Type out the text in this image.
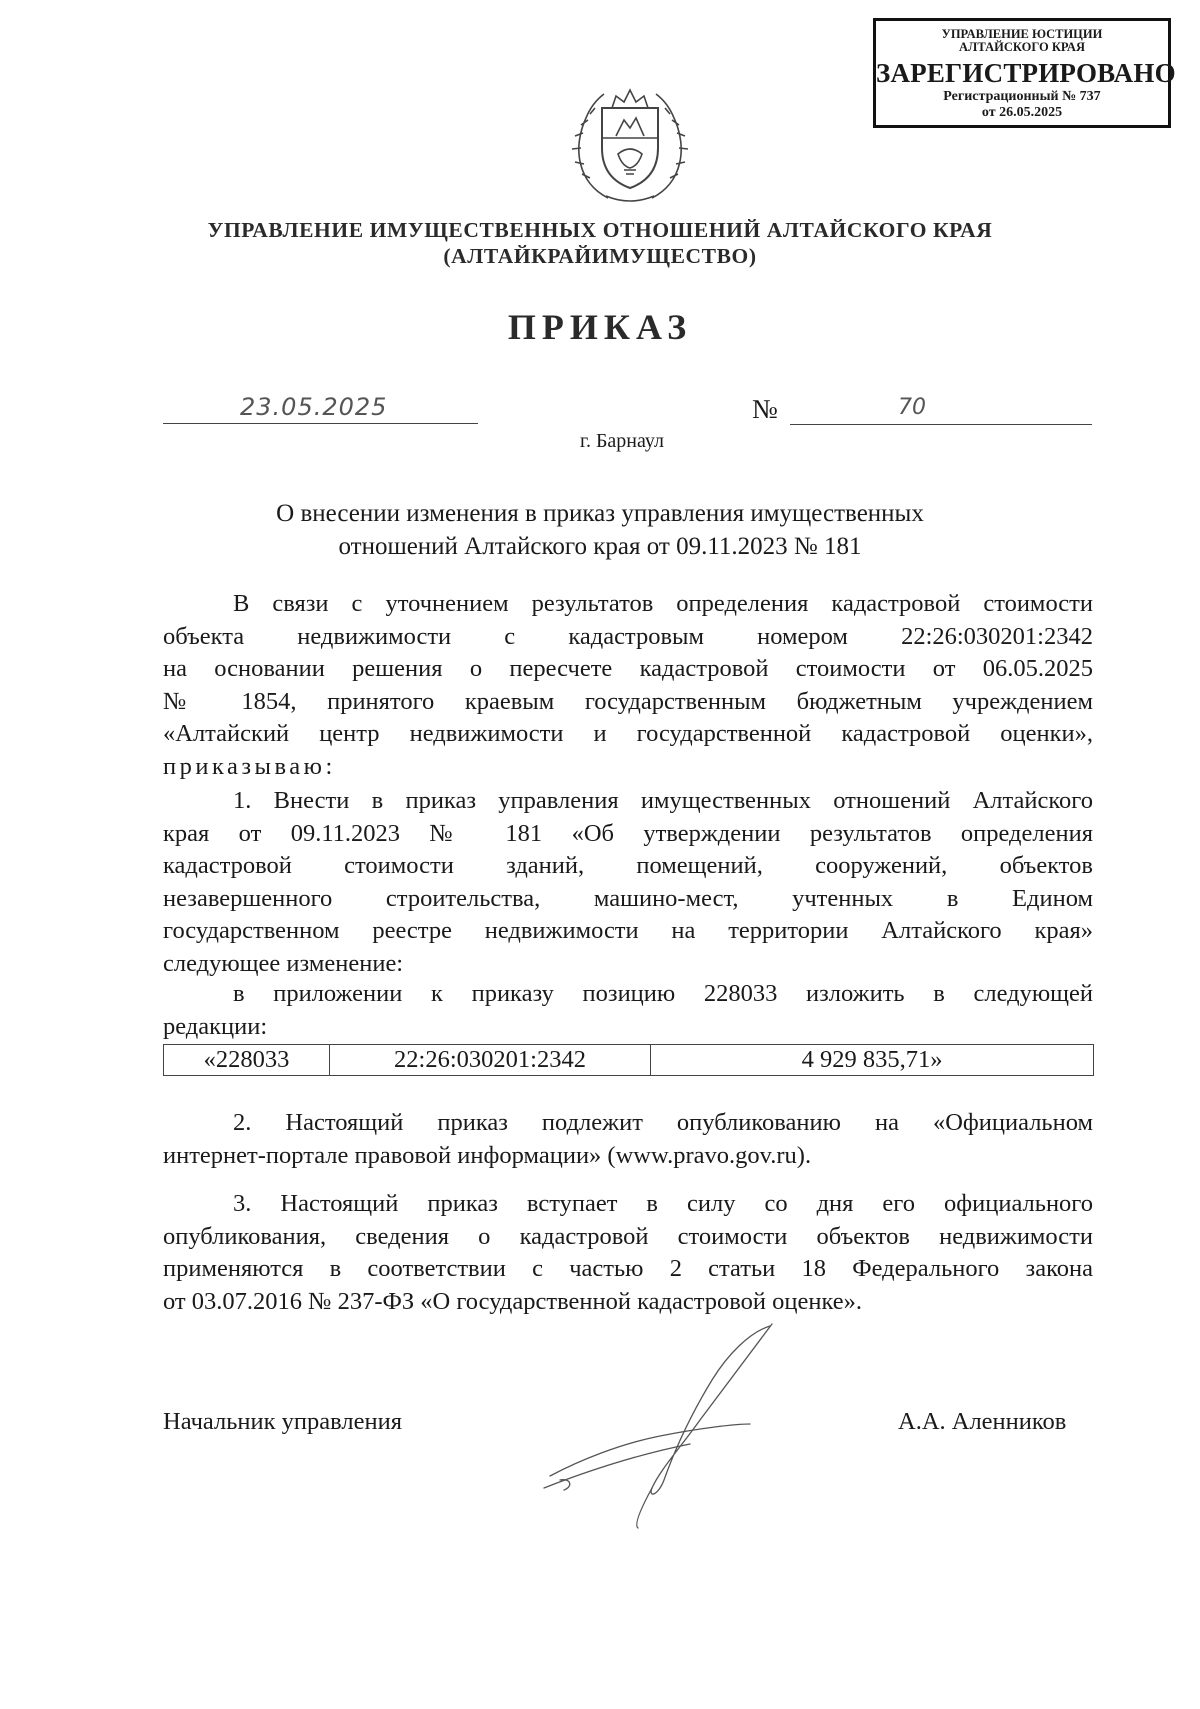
УПРАВЛЕНИЕ ЮСТИЦИИ
АЛТАЙСКОГО КРАЯ
ЗАРЕГИСТРИРОВАНО
Регистрационный № 737
от 26.05.2025
УПРАВЛЕНИЕ ИМУЩЕСТВЕННЫХ ОТНОШЕНИЙ АЛТАЙСКОГО КРАЯ
(АЛТАЙКРАЙИМУЩЕСТВО)
ПРИКАЗ
23.05.2025	№	70
г. Барнаул
О внесении изменения в приказ управления имущественных
отношений Алтайского края от 09.11.2023 № 181
В связи с уточнением результатов определения кадастровой стоимости
объекта недвижимости с кадастровым номером 22:26:030201:2342
на основании решения о пересчете кадастровой стоимости от 06.05.2025
№ 1854, принятого краевым государственным бюджетным учреждением
«Алтайский центр недвижимости и государственной кадастровой оценки»,
приказываю:
1. Внести в приказ управления имущественных отношений Алтайского
края от 09.11.2023 № 181 «Об утверждении результатов определения
кадастровой стоимости зданий, помещений, сооружений, объектов
незавершенного строительства, машино-мест, учтенных в Едином
государственном реестре недвижимости на территории Алтайского края»
следующее изменение:
в приложении к приказу позицию 228033 изложить в следующей
редакции:
«228033	22:26:030201:2342	4 929 835,71»
2. Настоящий приказ подлежит опубликованию на «Официальном
интернет-портале правовой информации» (www.pravo.gov.ru).
3. Настоящий приказ вступает в силу со дня его официального
опубликования, сведения о кадастровой стоимости объектов недвижимости
применяются в соответствии с частью 2 статьи 18 Федерального закона
от 03.07.2016 № 237-ФЗ «О государственной кадастровой оценке».
Начальник управления	А.А. Аленников
